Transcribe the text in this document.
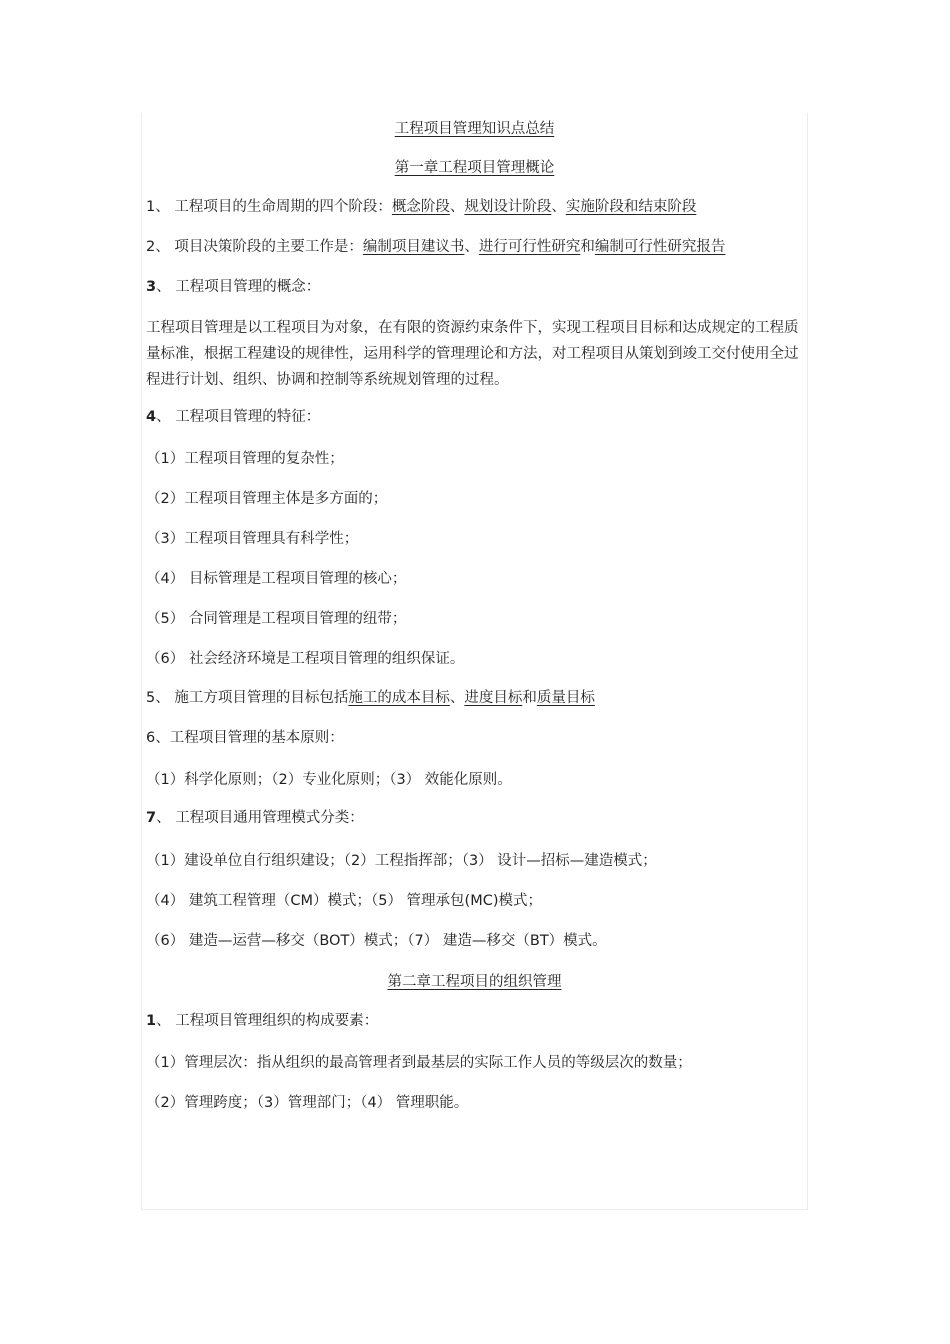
工程项目管理知识点总结
第一章工程项目管理概论
1、 工程项目的生命周期的四个阶段：概念阶段、规划设计阶段、实施阶段和结束阶段
2、 项目决策阶段的主要工作是：编制项目建议书、进行可行性研究和编制可行性研究报告
3、 工程项目管理的概念：
工程项目管理是以工程项目为对象，在有限的资源约束条件下，实现工程项目目标和达成规定的工程质量标准，根据工程建设的规律性，运用科学的管理理论和方法，对工程项目从策划到竣工交付使用全过程进行计划、组织、协调和控制等系统规划管理的过程。
4、 工程项目管理的特征：
（1）工程项目管理的复杂性；
（2）工程项目管理主体是多方面的；
（3）工程项目管理具有科学性；
（4） 目标管理是工程项目管理的核心；
（5） 合同管理是工程项目管理的纽带；
（6） 社会经济环境是工程项目管理的组织保证。
5、 施工方项目管理的目标包括施工的成本目标、进度目标和质量目标
6、工程项目管理的基本原则：
（1）科学化原则；（2）专业化原则；（3） 效能化原则。
7、 工程项目通用管理模式分类：
（1）建设单位自行组织建设；（2）工程指挥部；（3） 设计—招标—建造模式；
（4） 建筑工程管理（CM）模式；（5） 管理承包(MC)模式；
（6） 建造—运营—移交（BOT）模式；（7） 建造—移交（BT）模式。
第二章工程项目的组织管理
1、 工程项目管理组织的构成要素：
（1）管理层次：指从组织的最高管理者到最基层的实际工作人员的等级层次的数量；
（2）管理跨度；（3）管理部门；（4） 管理职能。
